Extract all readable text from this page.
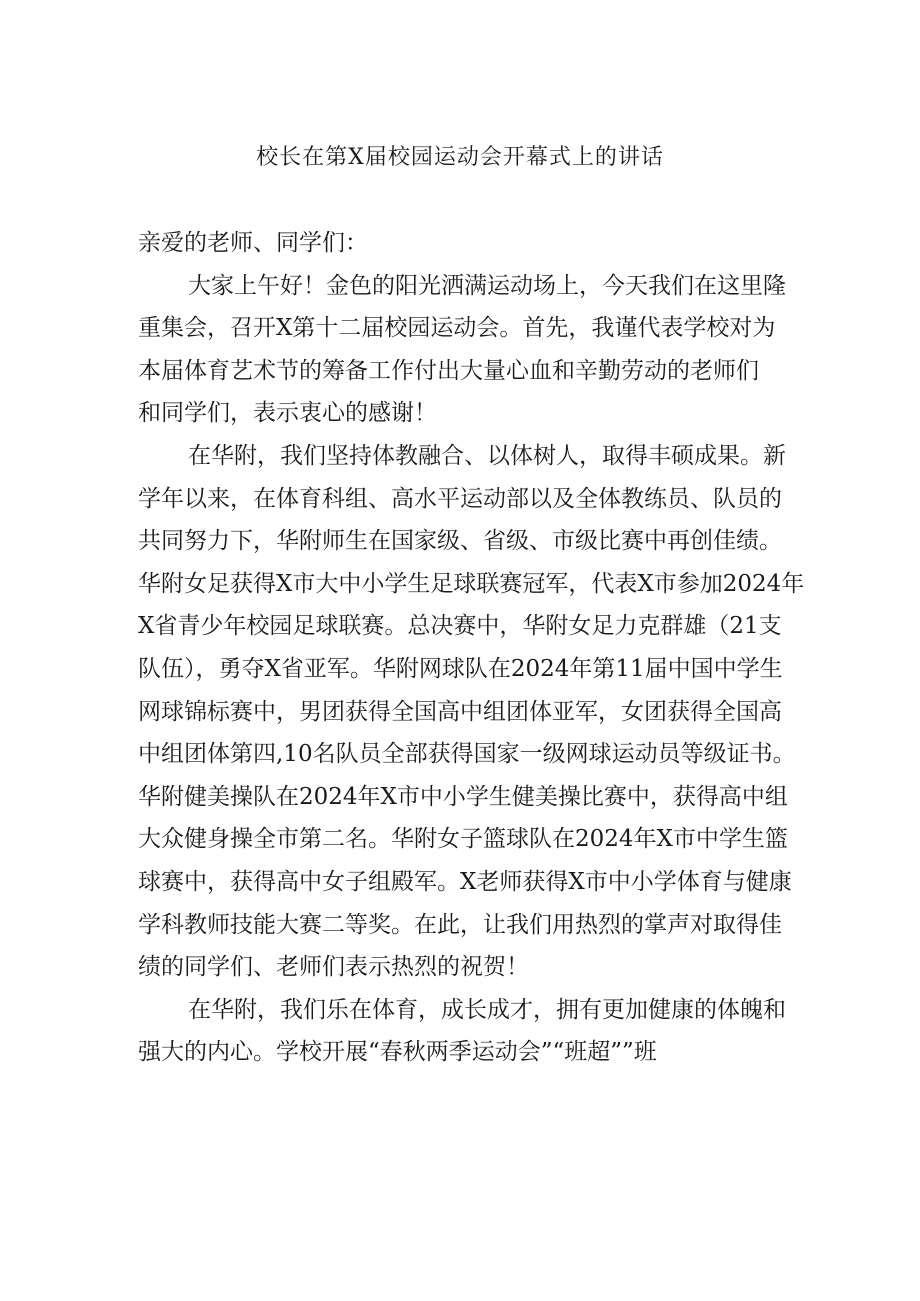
校长在第X届校园运动会开幕式上的讲话
亲爱的老师、同学们：
大家上午好！金色的阳光洒满运动场上，今天我们在这里隆
重集会，召开X第十二届校园运动会。首先，我谨代表学校对为
本届体育艺术节的筹备工作付出大量心血和辛勤劳动的老师们
和同学们，表示衷心的感谢！
在华附，我们坚持体教融合、以体树人，取得丰硕成果。新
学年以来，在体育科组、高水平运动部以及全体教练员、队员的
共同努力下，华附师生在国家级、省级、市级比赛中再创佳绩。
华附女足获得X市大中小学生足球联赛冠军，代表X市参加2024年
X省青少年校园足球联赛。总决赛中，华附女足力克群雄（21支
队伍），勇夺X省亚军。华附网球队在2024年第11届中国中学生
网球锦标赛中，男团获得全国高中组团体亚军，女团获得全国高
中组团体第四,10名队员全部获得国家一级网球运动员等级证书。
华附健美操队在2024年X市中小学生健美操比赛中，获得高中组
大众健身操全市第二名。华附女子篮球队在2024年X市中学生篮
球赛中，获得高中女子组殿军。X老师获得X市中小学体育与健康
学科教师技能大赛二等奖。在此，让我们用热烈的掌声对取得佳
绩的同学们、老师们表示热烈的祝贺！
在华附，我们乐在体育，成长成才，拥有更加健康的体魄和
强大的内心。学校开展“春秋两季运动会”“班超””班
